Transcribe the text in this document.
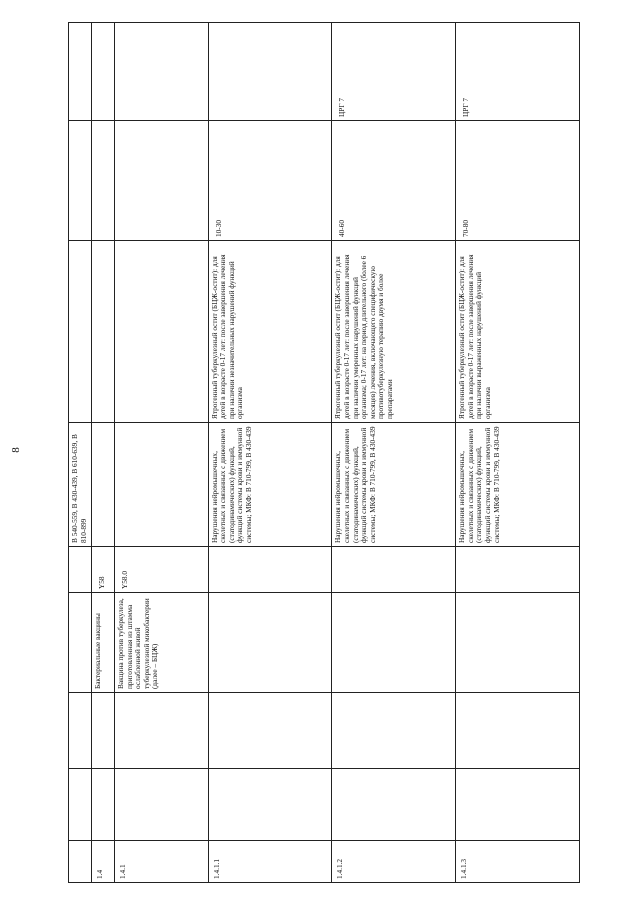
8
						B 540-559, B 430-439, B 610-639, B 810-899			
1.4			Бактериальные вакцины	Y58				
1.4.1			Вакцина против туберкулеза, приготовленная из штамма ослабленной живой туберкулезной микобактерии (далее – БЦЖ)	Y58.0				
1.4.1.1					Нарушения нейромышечных, скелетных и связанных с движением (статодинамических) функций, функций системы крови и иммунной системы; МКФ: В 710-799, В 430-439	Ятрогенный туберкулезный остит (БЦЖ-остит): для детей в возрасте 0-17 лет: после завершения лечения при наличии незначительных нарушений функций организма	10-30	
1.4.1.2					Нарушения нейромышечных, скелетных и связанных с движением (статодинамических) функций, функций системы крови и иммунной системы; МКФ: В 710-799, В 430-439	Ятрогенный туберкулезный остит (БЦЖ-остит): для детей в возрасте 0-17 лет: после завершения лечения при наличии умеренных нарушений функций организма; 0-17 лет: на период длительного (более 6 месяцев) лечения, включающего специфическую противотуберкулезную терапию двумя и более препаратами	40-60	ЦРГ 7
1.4.1.3					Нарушения нейромышечных, скелетных и связанных с движением (статодинамических) функций, функций системы крови и иммунной системы; МКФ: В 710-799, В 430-439	Ятрогенный туберкулезный остит (БЦЖ-остит): для детей в возрасте 0-17 лет: после завершения лечения при наличии выраженных нарушений функций организма	70-80	ЦРГ 7
